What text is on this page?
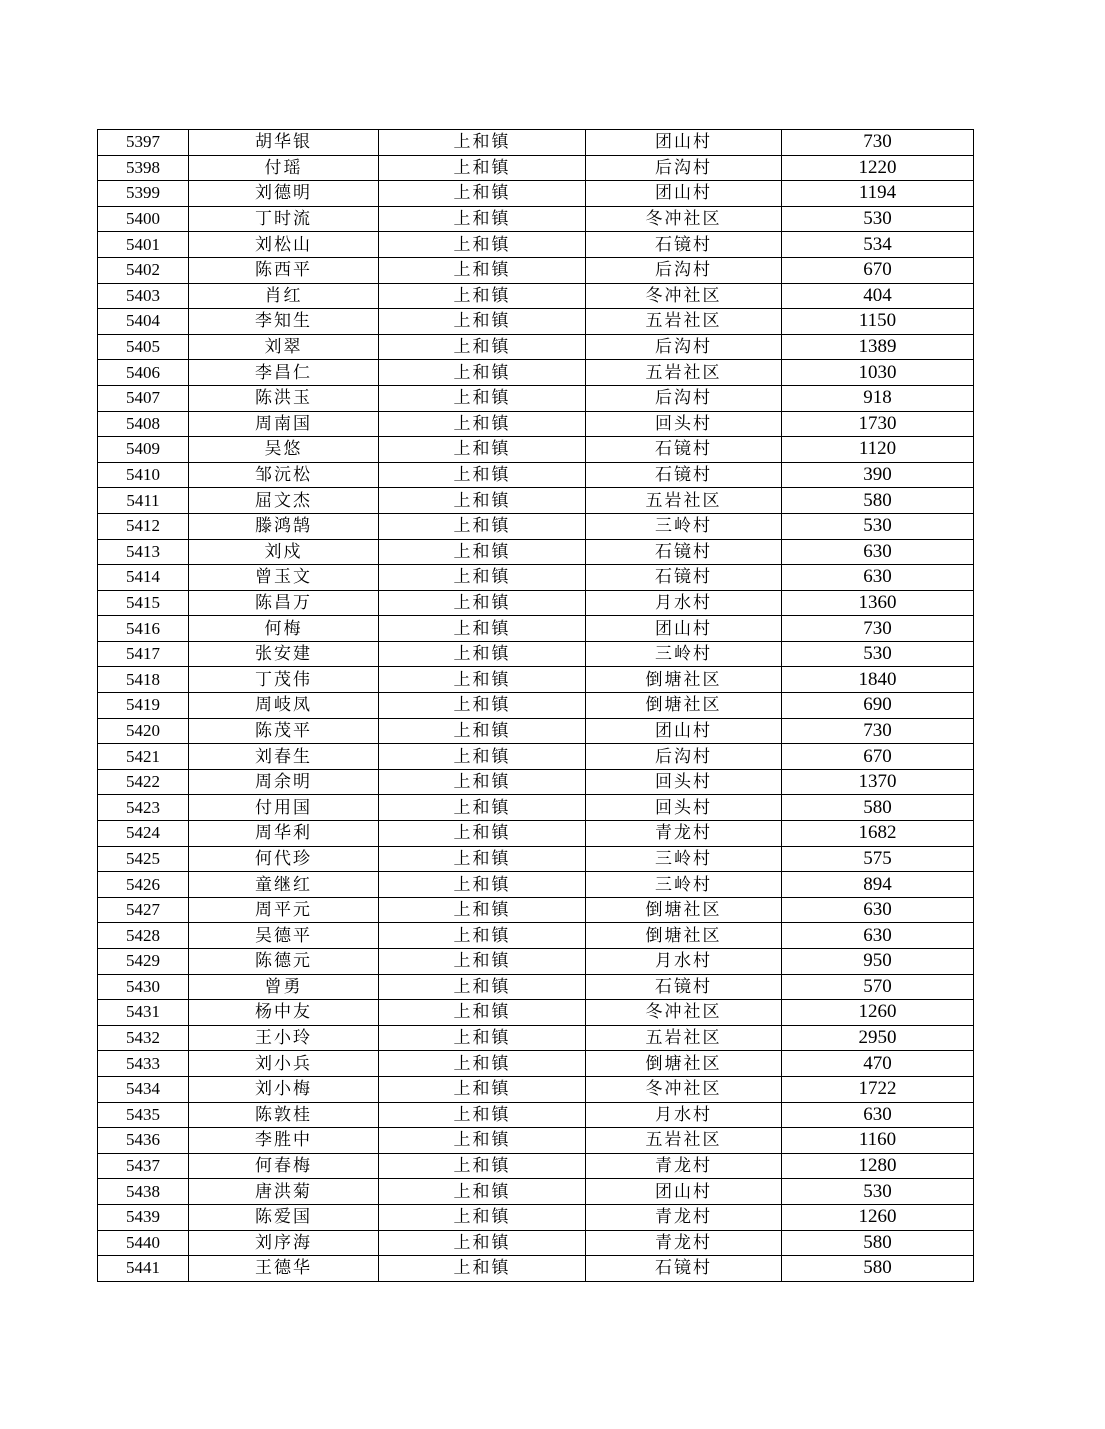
5397	胡华银	上和镇	团山村	730
5398	付瑶	上和镇	后沟村	1220
5399	刘德明	上和镇	团山村	1194
5400	丁时流	上和镇	冬冲社区	530
5401	刘松山	上和镇	石镜村	534
5402	陈西平	上和镇	后沟村	670
5403	肖红	上和镇	冬冲社区	404
5404	李知生	上和镇	五岩社区	1150
5405	刘翠	上和镇	后沟村	1389
5406	李昌仁	上和镇	五岩社区	1030
5407	陈洪玉	上和镇	后沟村	918
5408	周南国	上和镇	回头村	1730
5409	吴悠	上和镇	石镜村	1120
5410	邹沅松	上和镇	石镜村	390
5411	屈文杰	上和镇	五岩社区	580
5412	滕鸿鹄	上和镇	三岭村	530
5413	刘戍	上和镇	石镜村	630
5414	曾玉文	上和镇	石镜村	630
5415	陈昌万	上和镇	月水村	1360
5416	何梅	上和镇	团山村	730
5417	张安建	上和镇	三岭村	530
5418	丁茂伟	上和镇	倒塘社区	1840
5419	周岐凤	上和镇	倒塘社区	690
5420	陈茂平	上和镇	团山村	730
5421	刘春生	上和镇	后沟村	670
5422	周余明	上和镇	回头村	1370
5423	付用国	上和镇	回头村	580
5424	周华利	上和镇	青龙村	1682
5425	何代珍	上和镇	三岭村	575
5426	童继红	上和镇	三岭村	894
5427	周平元	上和镇	倒塘社区	630
5428	吴德平	上和镇	倒塘社区	630
5429	陈德元	上和镇	月水村	950
5430	曾勇	上和镇	石镜村	570
5431	杨中友	上和镇	冬冲社区	1260
5432	王小玲	上和镇	五岩社区	2950
5433	刘小兵	上和镇	倒塘社区	470
5434	刘小梅	上和镇	冬冲社区	1722
5435	陈敦桂	上和镇	月水村	630
5436	李胜中	上和镇	五岩社区	1160
5437	何春梅	上和镇	青龙村	1280
5438	唐洪菊	上和镇	团山村	530
5439	陈爱国	上和镇	青龙村	1260
5440	刘序海	上和镇	青龙村	580
5441	王德华	上和镇	石镜村	580
